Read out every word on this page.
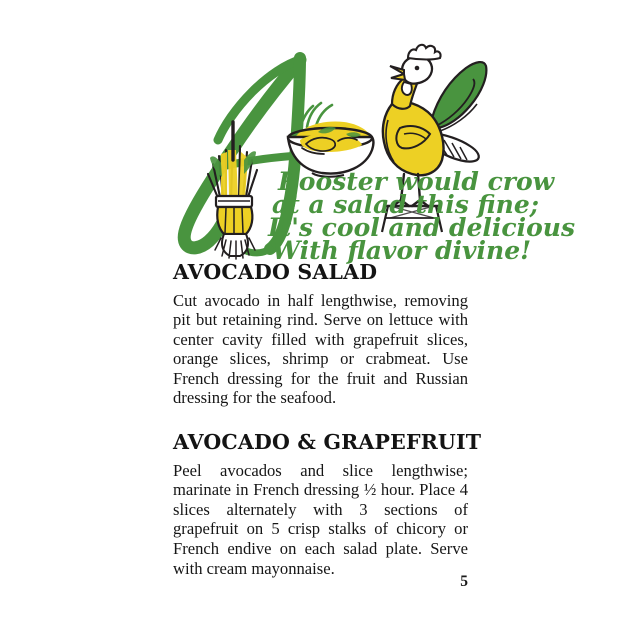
Rooster would crow
at a salad this fine;
It's cool and delicious
With flavor divine!
AVOCADO SALAD

Cut avocado in half lengthwise, removing pit but retaining rind. Serve on lettuce with center cavity filled with grapefruit slices, orange slices, shrimp or crabmeat. Use French dressing for the fruit and Russian dressing for the seafood.

AVOCADO & GRAPEFRUIT

Peel avocados and slice lengthwise; marinate in French dressing ½ hour. Place 4 slices alternately with 3 sections of grapefruit on 5 crisp stalks of chicory or French endive on each salad plate. Serve with cream mayonnaise.

5
